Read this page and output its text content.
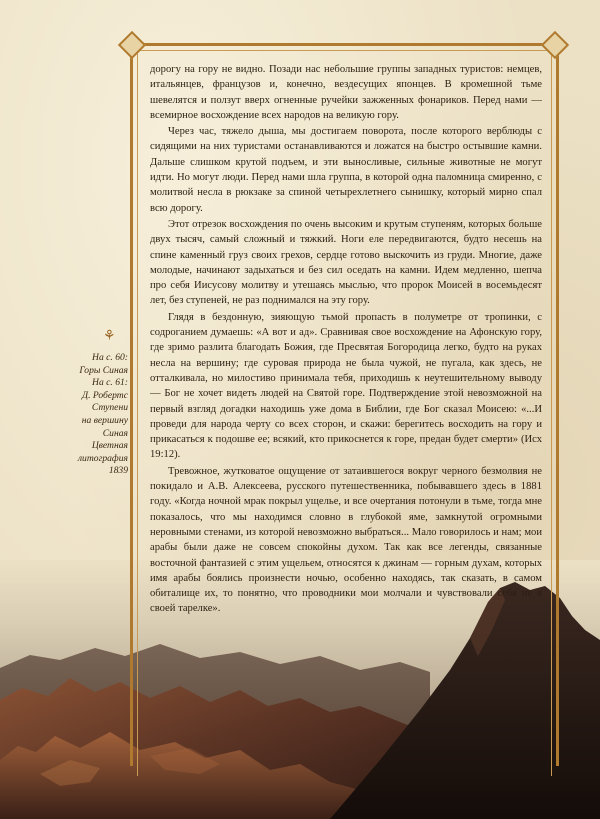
дорогу на гору не видно. Позади нас небольшие группы западных туристов: немцев, итальянцев, французов и, конечно, вездесущих японцев. В кромешной тьме шевелятся и ползут вверх огненные ручейки зажженных фонариков. Перед нами — всемирное восхождение всех народов на великую гору.

Через час, тяжело дыша, мы достигаем поворота, после которого верблюды с сидящими на них туристами останавливаются и ложатся на быстро остывшие камни. Дальше слишком крутой подъем, и эти выносливые, сильные животные не могут идти. Но могут люди. Перед нами шла группа, в которой одна паломница смиренно, с молитвой несла в рюкзаке за спиной четырехлетнего сынишку, который мирно спал всю дорогу.

Этот отрезок восхождения по очень высоким и крутым ступеням, которых больше двух тысяч, самый сложный и тяжкий. Ноги еле передвигаются, будто несешь на спине каменный груз своих грехов, сердце готово выскочить из груди. Многие, даже молодые, начинают задыхаться и без сил оседать на камни. Идем медленно, шепча про себя Иисусову молитву и утешаясь мыслью, что пророк Моисей в восемьдесят лет, без ступеней, не раз поднимался на эту гору.

Глядя в бездонную, зияющую тьмой пропасть в полуметре от тропинки, с содроганием думаешь: «А вот и ад». Сравнивая свое восхождение на Афонскую гору, где зримо разлита благодать Божия, где Пресвятая Богородица легко, будто на руках несла на вершину; где суровая природа не была чужой, не пугала, как здесь, не отталкивала, но милостиво принимала тебя, приходишь к неутешительному выводу — Бог не хочет видеть людей на Святой горе. Подтверждение этой невозможной на первый взгляд догадки находишь уже дома в Библии, где Бог сказал Моисею: «...И проведи для народа черту со всех сторон, и скажи: берегитесь восходить на гору и прикасаться к подошве ее; всякий, кто прикоснется к горе, предан будет смерти» (Исх 19:12).

Тревожное, жутковатое ощущение от затаившегося вокруг черного безмолвия не покидало и А.В. Алексеева, русского путешественника, побывавшего здесь в 1881 году. «Когда ночной мрак покрыл ущелье, и все очертания потонули в тьме, тогда мне показалось, что мы находимся словно в глубокой яме, замкнутой огромными неровными стенами, из которой невозможно выбраться... Мало говорилось и нам; мои арабы были даже не совсем спокойны духом. Так как все легенды, связанные восточной фантазией с этим ущельем, относятся к джинам — горным духам, которых имя арабы боялись произнести ночью, особенно находясь, так сказать, в самом обиталище их, то понятно, что проводники мои молчали и чувствовали себя не в своей тарелке».

⚘
На с. 60:
Горы Синая
На с. 61:
Д. Робертс
Ступени
на вершину
Синая
Цветная
литография
1839
